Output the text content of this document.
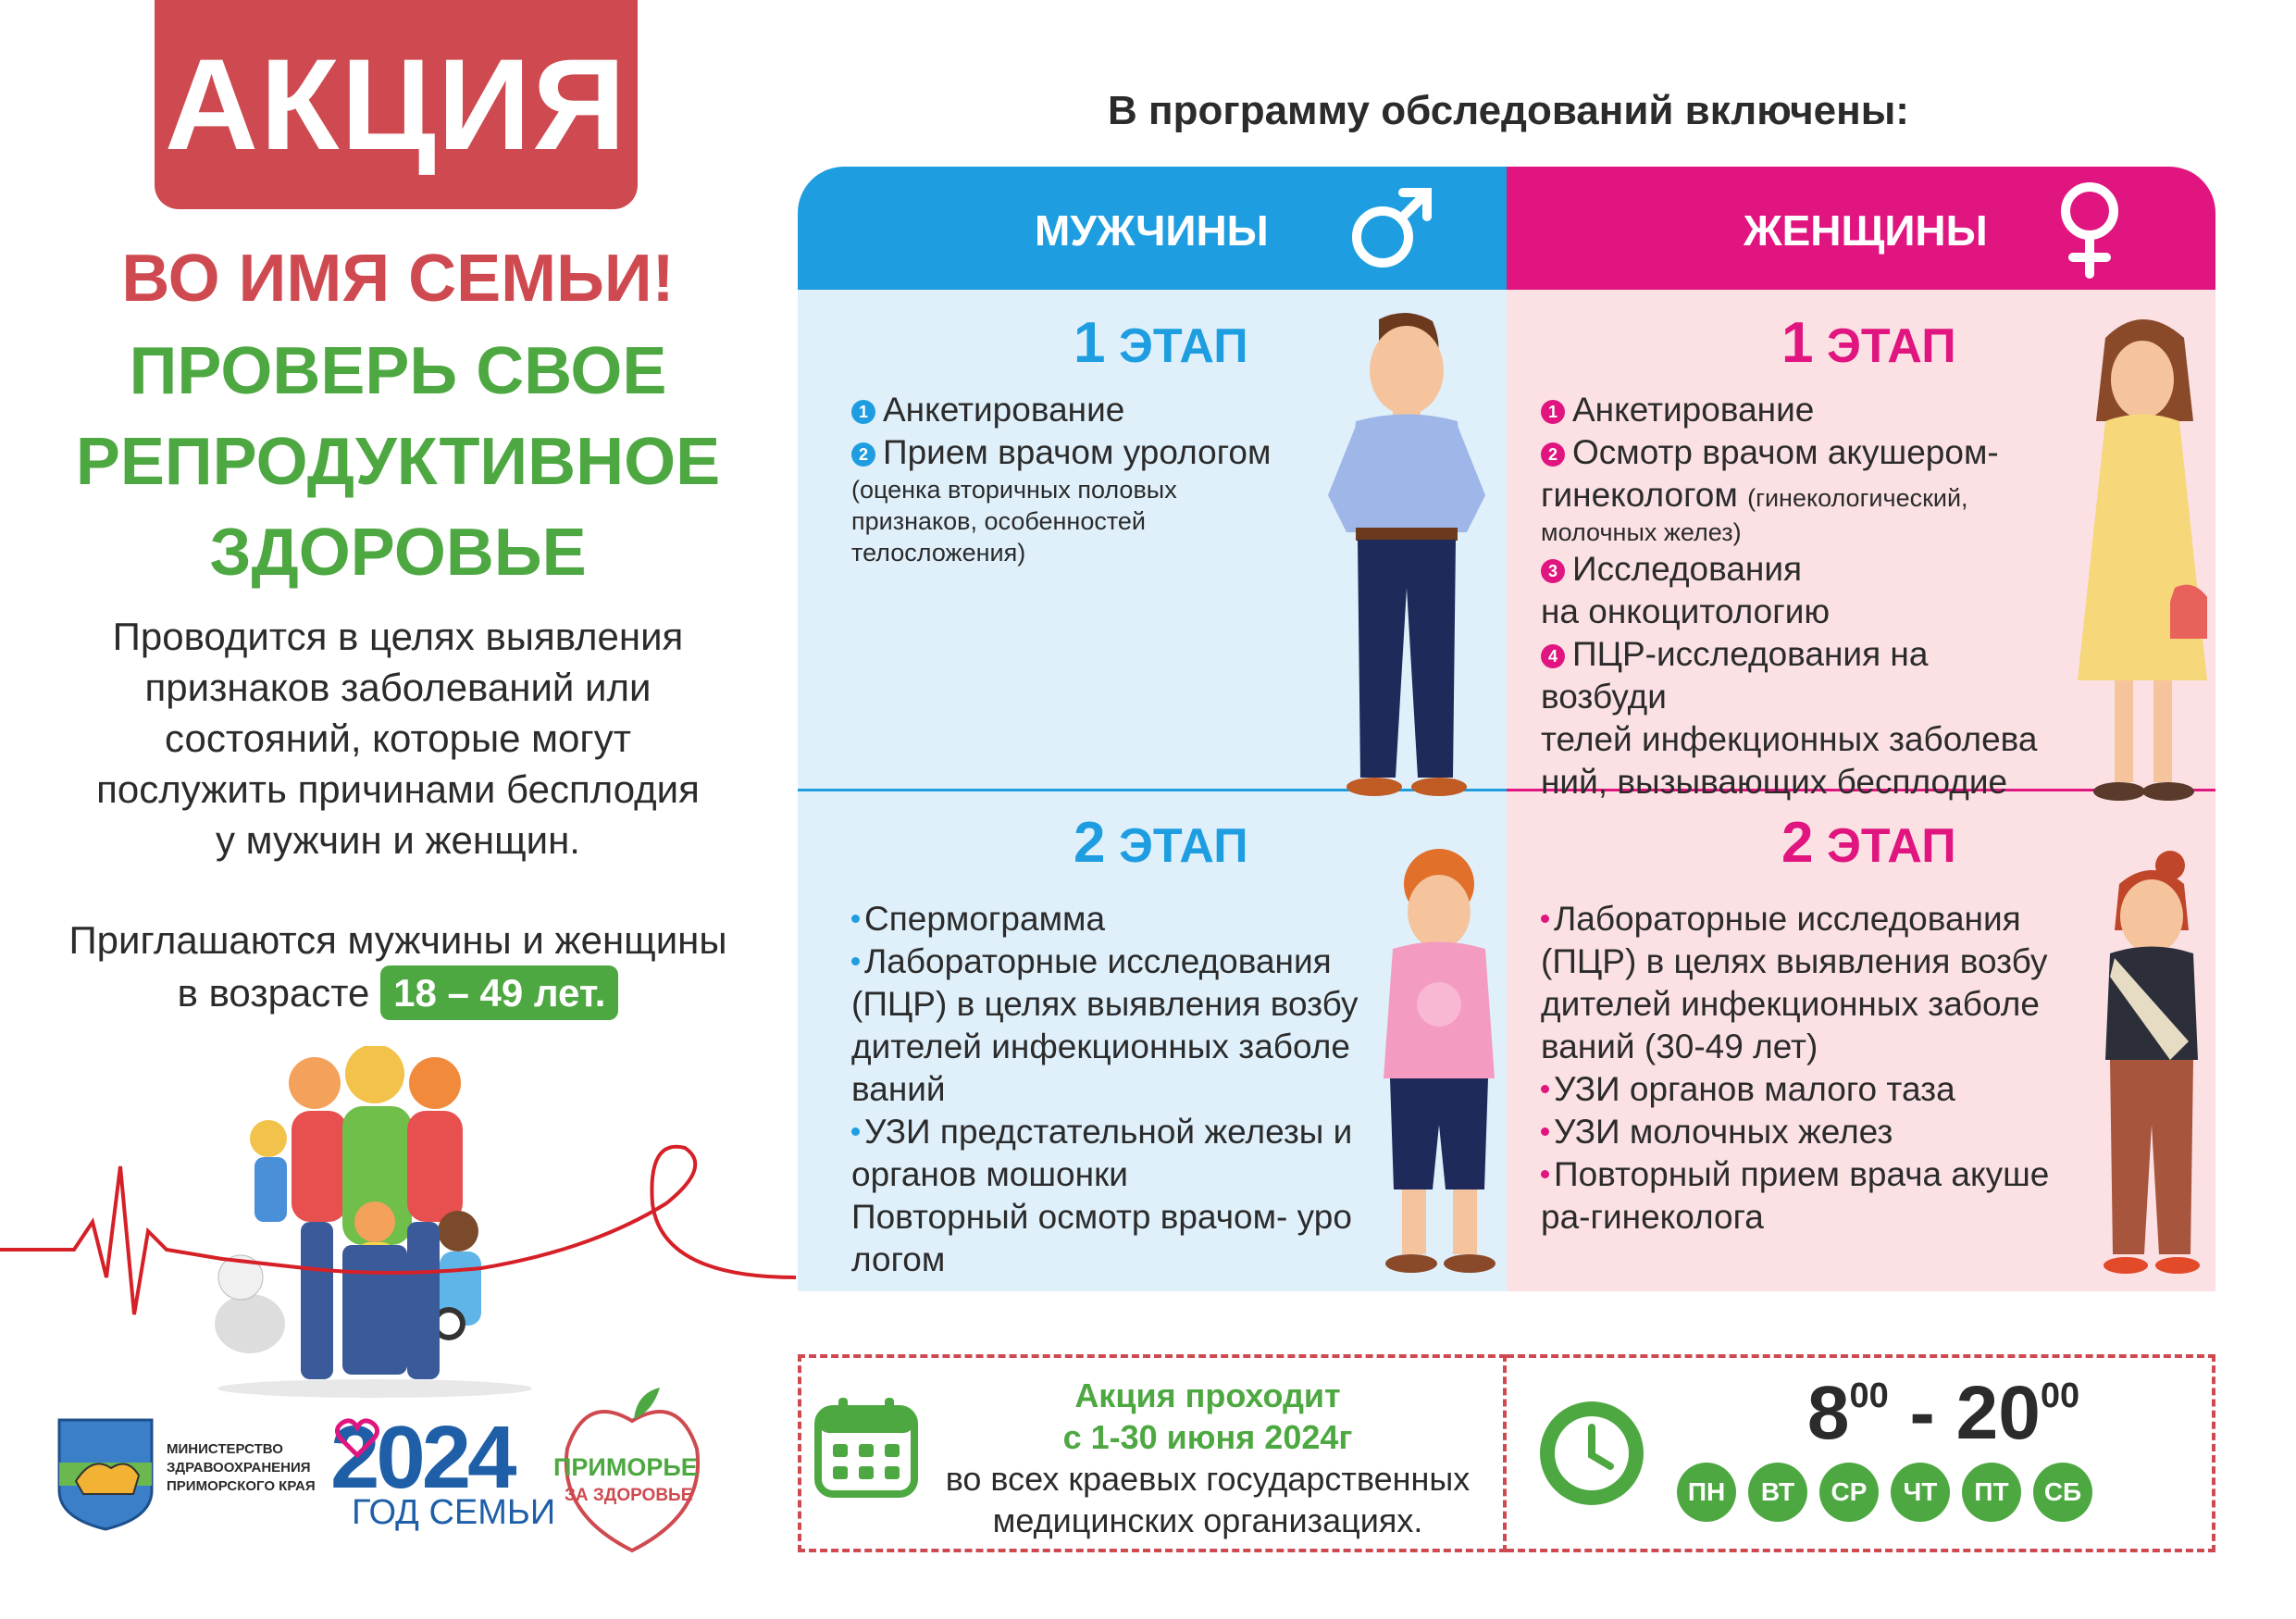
АКЦИЯ
ВО ИМЯ СЕМЬИ!
ПРОВЕРЬ СВОЕ
РЕПРОДУКТИВНОЕ
ЗДОРОВЬЕ
Проводится в целях выявления
признаков заболеваний или
состояний, которые могут
послужить причинами бесплодия
у мужчин и женщин.
Приглашаются мужчины и женщины
в возрасте 18 – 49 лет.
МИНИСТЕРСТВО
ЗДРАВООХРАНЕНИЯ
ПРИМОРСКОГО КРАЯ 2024
ГОД СЕМЬИ
ПРИМОРЬЕ
ЗА ЗДОРОВЬЕ
В программу обследований включены:
МУЖЧИНЫ	ЖЕНЩИНЫ
1 ЭТАП
1 Анкетирование
2 Прием врачом урологом
(оценка вторичных половых
признаков, особенностей
телосложения)
2 ЭТАП
Спермограмма
Лабораторные исследования
(ПЦР) в целях выявления возбу
дителей инфекционных заболе
ваний
УЗИ предстательной железы и
органов мошонки
Повторный осмотр врачом- уро
логом
1 ЭТАП
1 Анкетирование
2 Осмотр врачом акушером-
гинекологом (гинекологический,
молочных желез)
3 Исследования
на онкоцитологию
4 ПЦР-исследования на возбуди
телей инфекционных заболева
ний, вызывающих бесплодие
2 ЭТАП
Лабораторные исследования
(ПЦР) в целях выявления возбу
дителей инфекционных заболе
ваний (30-49 лет)
УЗИ органов малого таза
УЗИ молочных желез
Повторный прием врача акуше
ра-гинеколога
Акция проходит
с 1-30 июня 2024г
во всех краевых государственных
медицинских организациях.
$8^{00} - 20^{00}$
ПН	ВТ	СР	ЧТ	ПТ	СБ
